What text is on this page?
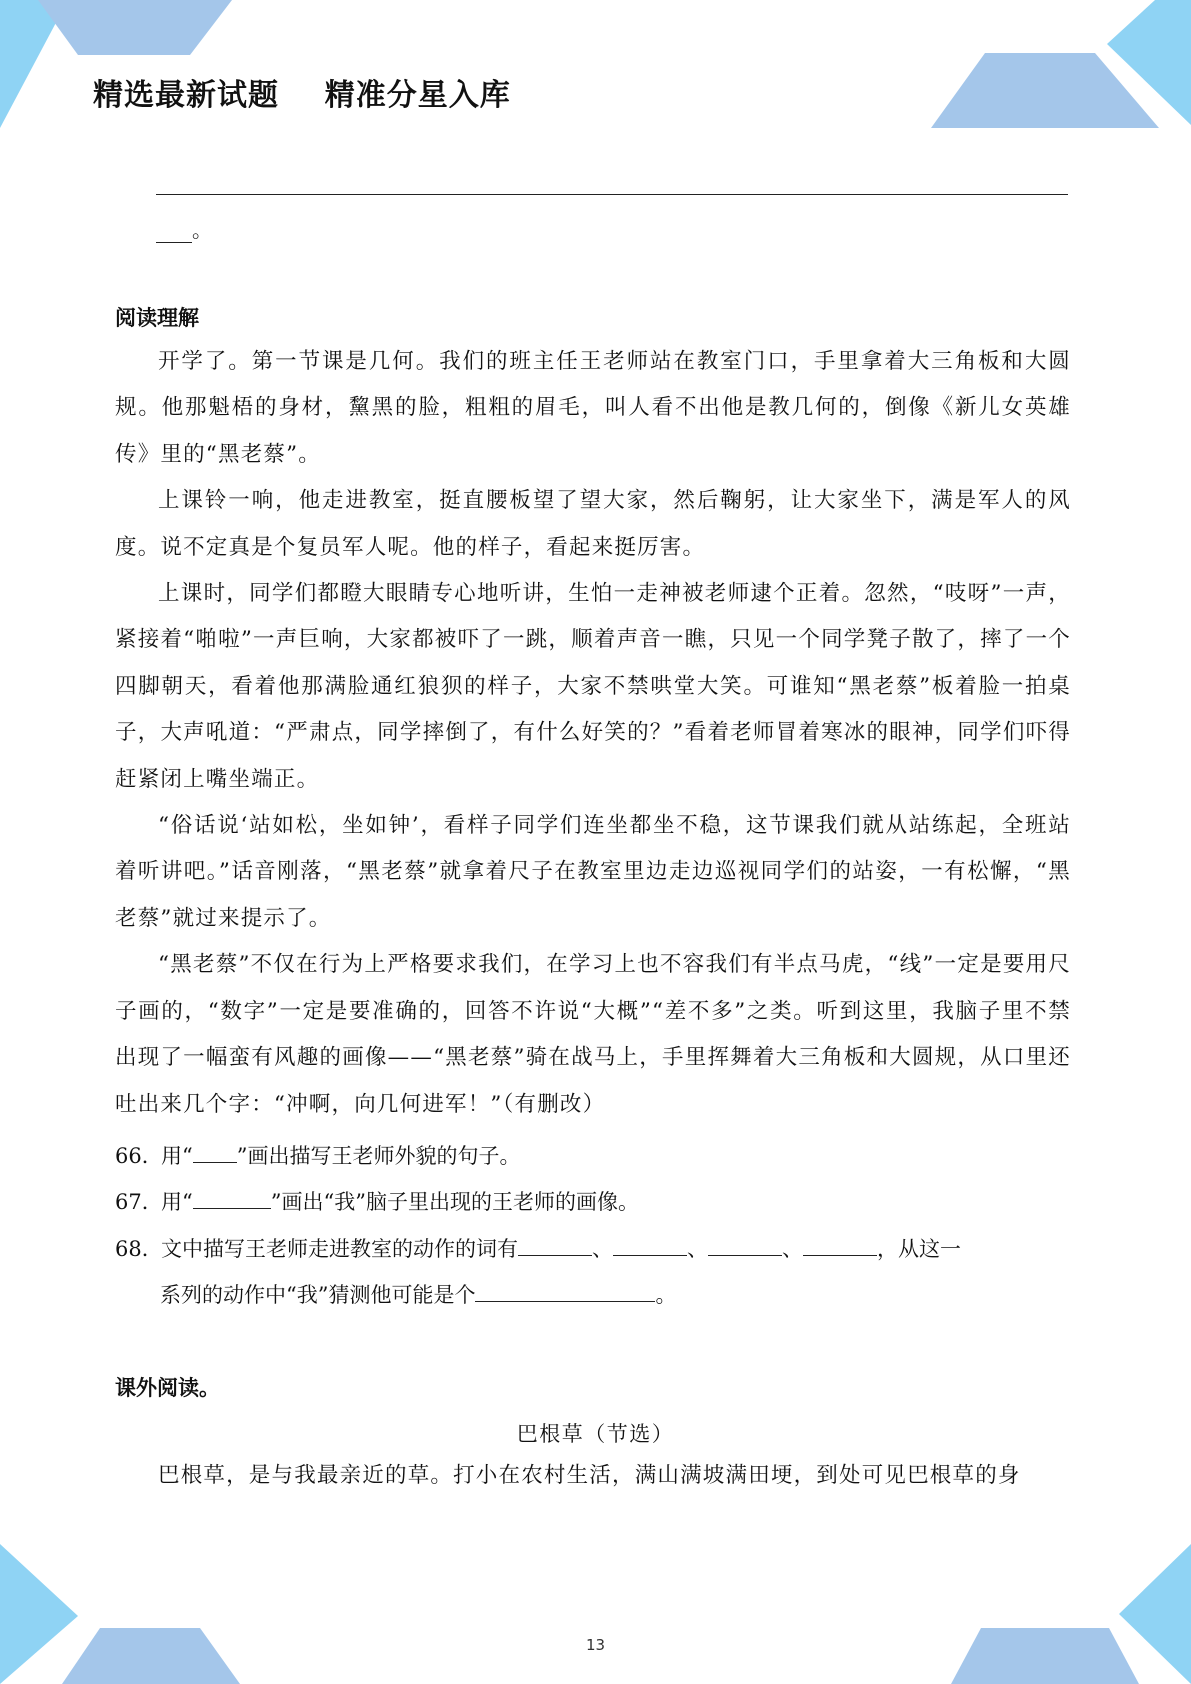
精选最新试题    精准分星入库
。
阅读理解

开学了。第一节课是几何。我们的班主任王老师站在教室门口，手里拿着大三角板和大圆规。他那魁梧的身材，黧黑的脸，粗粗的眉毛，叫人看不出他是教几何的，倒像《新儿女英雄传》里的“黑老蔡”。

上课铃一响，他走进教室，挺直腰板望了望大家，然后鞠躬，让大家坐下，满是军人的风度。说不定真是个复员军人呢。他的样子，看起来挺厉害。

上课时，同学们都瞪大眼睛专心地听讲，生怕一走神被老师逮个正着。忽然，“吱呀”一声，紧接着“啪啦”一声巨响，大家都被吓了一跳，顺着声音一瞧，只见一个同学凳子散了，摔了一个四脚朝天，看着他那满脸通红狼狈的样子，大家不禁哄堂大笑。可谁知“黑老蔡”板着脸一拍桌子，大声吼道：“严肃点，同学摔倒了，有什么好笑的？”看着老师冒着寒冰的眼神，同学们吓得赶紧闭上嘴坐端正。

“俗话说‘站如松，坐如钟’，看样子同学们连坐都坐不稳，这节课我们就从站练起，全班站着听讲吧。”话音刚落，“黑老蔡”就拿着尺子在教室里边走边巡视同学们的站姿，一有松懈，“黑老蔡”就过来提示了。

“黑老蔡”不仅在行为上严格要求我们，在学习上也不容我们有半点马虎，“线”一定是要用尺子画的，“数字”一定是要准确的，回答不许说“大概”“差不多”之类。听到这里，我脑子里不禁出现了一幅蛮有风趣的画像——“黑老蔡”骑在战马上，手里挥舞着大三角板和大圆规，从口里还吐出来几个字：“冲啊，向几何进军！”（有删改）

66．用“ ”画出描写王老师外貌的句子。
67．用“	”画出“我”脑子里出现的王老师的画像。
68．文中描写王老师走进教室的动作的词有	、	、	、	，从这一
系列的动作中“我”猜测他可能是个	。
课外阅读。
巴根草（节选）

巴根草，是与我最亲近的草。打小在农村生活，满山满坡满田埂，到处可见巴根草的身

13
